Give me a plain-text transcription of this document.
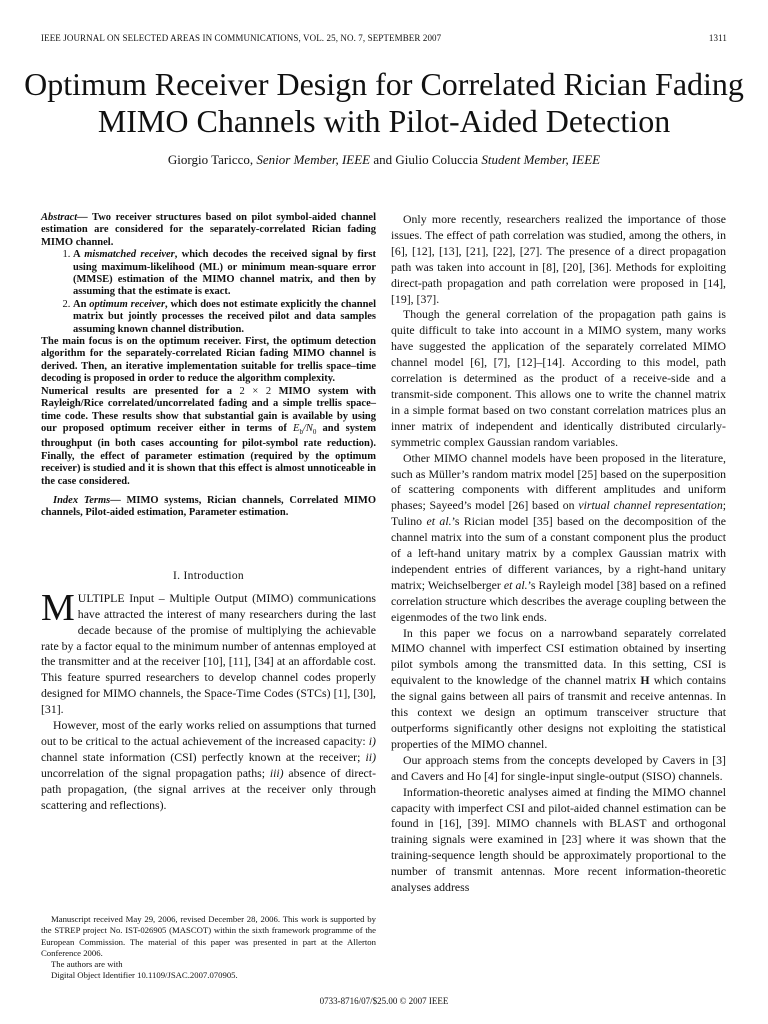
IEEE JOURNAL ON SELECTED AREAS IN COMMUNICATIONS, VOL. 25, NO. 7, SEPTEMBER 2007	1311
Optimum Receiver Design for Correlated Rician Fading MIMO Channels with Pilot-Aided Detection
Giorgio Taricco, Senior Member, IEEE and Giulio Coluccia Student Member, IEEE

Abstract— Two receiver structures based on pilot symbol-aided channel estimation are considered for the separately-correlated Rician fading MIMO channel.

1. A mismatched receiver, which decodes the received signal by first using maximum-likelihood (ML) or minimum mean-square error (MMSE) estimation of the MIMO channel matrix, and then by assuming that the estimate is exact.
2. An optimum receiver, which does not estimate explicitly the channel matrix but jointly processes the received pilot and data samples assuming known channel distribution.

The main focus is on the optimum receiver. First, the optimum detection algorithm for the separately-correlated Rician fading MIMO channel is derived. Then, an iterative implementation suitable for trellis space–time decoding is proposed in order to reduce the algorithm complexity.

Numerical results are presented for a 2 × 2 MIMO system with Rayleigh/Rice correlated/uncorrelated fading and a simple trellis space–time code. These results show that substantial gain is available by using our proposed optimum receiver either in terms of $E_b/N_0$ and system throughput (in both cases accounting for pilot-symbol rate reduction). Finally, the effect of parameter estimation (required by the optimum receiver) is studied and it is shown that this effect is almost unnoticeable in the case considered.

Index Terms— MIMO systems, Rician channels, Correlated MIMO channels, Pilot-aided estimation, Parameter estimation.

I. Introduction

MULTIPLE Input – Multiple Output (MIMO) communications have attracted the interest of many researchers during the last decade because of the promise of multiplying the achievable rate by a factor equal to the minimum number of antennas employed at the transmitter and at the receiver [10], [11], [34] at an affordable cost. This feature spurred researchers to develop channel codes properly designed for MIMO channels, the Space-Time Codes (STCs) [1], [30], [31].

However, most of the early works relied on assumptions that turned out to be critical to the actual achievement of the increased capacity: i) channel state information (CSI) perfectly known at the receiver; ii) uncorrelation of the signal propagation paths; iii) absence of direct-path propagation, (the signal arrives at the receiver only through scattering and reflections).

Manuscript received May 29, 2006, revised December 28, 2006. This work is supported by the STREP project No. IST-026905 (MASCOT) within the sixth framework programme of the European Commission. The material of this paper was presented in part at the Allerton Conference 2006.

The authors are with

Digital Object Identifier 10.1109/JSAC.2007.070905.

Only more recently, researchers realized the importance of those issues. The effect of path correlation was studied, among the others, in [6], [12], [13], [21], [22], [27]. The presence of a direct propagation path was taken into account in [8], [20], [36]. Methods for exploiting direct-path propagation and path correlation were proposed in [14], [19], [37].

Though the general correlation of the propagation path gains is quite difficult to take into account in a MIMO system, many works have suggested the application of the separately correlated MIMO channel model [6], [7], [12]–[14]. According to this model, path correlation is determined as the product of a receive-side and a transmit-side component. This allows one to write the channel matrix in a simple format based on two constant correlation matrices plus an inner matrix of independent and identically distributed circularly-symmetric complex Gaussian random variables.

Other MIMO channel models have been proposed in the literature, such as Müller’s random matrix model [25] based on the superposition of scattering components with different amplitudes and uniform phases; Sayeed’s model [26] based on virtual channel representation; Tulino et al.’s Rician model [35] based on the decomposition of the channel matrix into the sum of a constant component plus the product of a left-hand unitary matrix by a complex Gaussian matrix with independent entries of different variances, by a right-hand unitary matrix; Weichselberger et al.’s Rayleigh model [38] based on a refined correlation structure which describes the average coupling between the eigenmodes of the two link ends.

In this paper we focus on a narrowband separately correlated MIMO channel with imperfect CSI estimation obtained by inserting pilot symbols among the transmitted data. In this setting, CSI is equivalent to the knowledge of the channel matrix H which contains the signal gains between all pairs of transmit and receive antennas. In this context we design an optimum transceiver structure that outperforms significantly other designs not exploiting the statistical properties of the MIMO channel.

Our approach stems from the concepts developed by Cavers in [3] and Cavers and Ho [4] for single-input single-output (SISO) channels.

Information-theoretic analyses aimed at finding the MIMO channel capacity with imperfect CSI and pilot-aided channel estimation can be found in [16], [39]. MIMO channels with BLAST and orthogonal training signals were examined in [23] where it was shown that the training-sequence length should be approximately proportional to the number of transmit antennas. More recent information-theoretic analyses address

0733-8716/07/$25.00 © 2007 IEEE
